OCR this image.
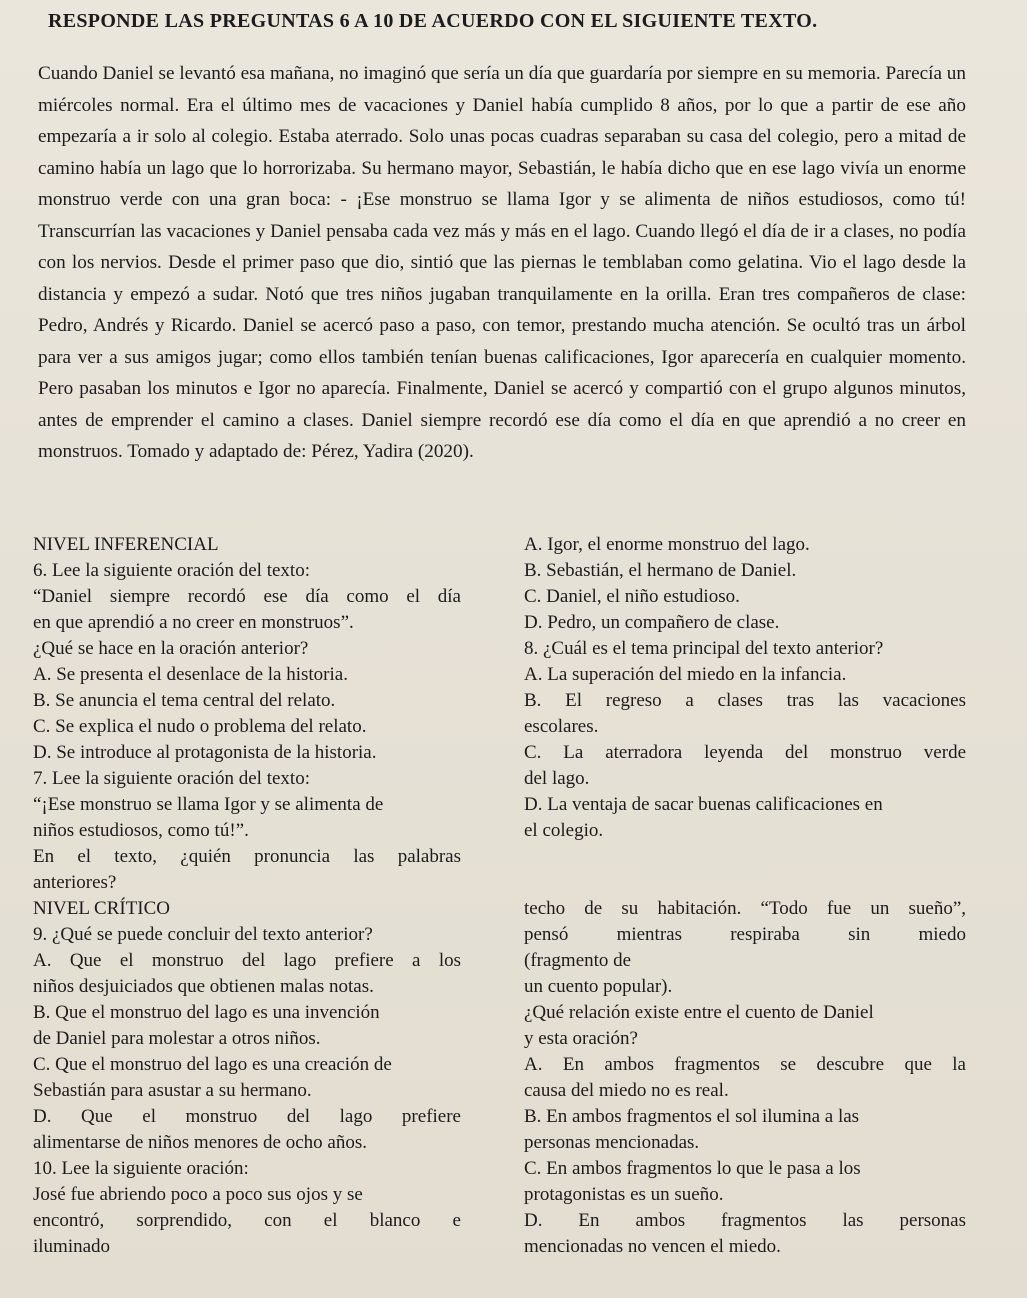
RESPONDE LAS PREGUNTAS 6 A 10 DE ACUERDO CON EL SIGUIENTE TEXTO.
Cuando Daniel se levantó esa mañana, no imaginó que sería un día que guardaría por siempre en su memoria. Parecía un miércoles normal. Era el último mes de vacaciones y Daniel había cumplido 8 años, por lo que a partir de ese año empezaría a ir solo al colegio. Estaba aterrado. Solo unas pocas cuadras separaban su casa del colegio, pero a mitad de camino había un lago que lo horrorizaba. Su hermano mayor, Sebastián, le había dicho que en ese lago vivía un enorme monstruo verde con una gran boca: - ¡Ese monstruo se llama Igor y se alimenta de niños estudiosos, como tú! Transcurrían las vacaciones y Daniel pensaba cada vez más y más en el lago. Cuando llegó el día de ir a clases, no podía con los nervios. Desde el primer paso que dio, sintió que las piernas le temblaban como gelatina. Vio el lago desde la distancia y empezó a sudar. Notó que tres niños jugaban tranquilamente en la orilla. Eran tres compañeros de clase: Pedro, Andrés y Ricardo. Daniel se acercó paso a paso, con temor, prestando mucha atención. Se ocultó tras un árbol para ver a sus amigos jugar; como ellos también tenían buenas calificaciones, Igor aparecería en cualquier momento. Pero pasaban los minutos e Igor no aparecía. Finalmente, Daniel se acercó y compartió con el grupo algunos minutos, antes de emprender el camino a clases. Daniel siempre recordó ese día como el día en que aprendió a no creer en monstruos. Tomado y adaptado de: Pérez, Yadira (2020).
NIVEL INFERENCIAL
6. Lee la siguiente oración del texto:
“Daniel siempre recordó ese día como el día
en que aprendió a no creer en monstruos”.
¿Qué se hace en la oración anterior?
A. Se presenta el desenlace de la historia.
B. Se anuncia el tema central del relato.
C. Se explica el nudo o problema del relato.
D. Se introduce al protagonista de la historia.
7. Lee la siguiente oración del texto:
“¡Ese monstruo se llama Igor y se alimenta de
niños estudiosos, como tú!”.
En el texto, ¿quién pronuncia las palabras
anteriores?
NIVEL CRÍTICO
9. ¿Qué se puede concluir del texto anterior?
A. Que el monstruo del lago prefiere a los
niños desjuiciados que obtienen malas notas.
B. Que el monstruo del lago es una invención
de Daniel para molestar a otros niños.
C. Que el monstruo del lago es una creación de
Sebastián para asustar a su hermano.
D. Que el monstruo del lago prefiere
alimentarse de niños menores de ocho años.
10. Lee la siguiente oración:
José fue abriendo poco a poco sus ojos y se
encontró, sorprendido, con el blanco e
iluminado
A. Igor, el enorme monstruo del lago.
B. Sebastián, el hermano de Daniel.
C. Daniel, el niño estudioso.
D. Pedro, un compañero de clase.
8. ¿Cuál es el tema principal del texto anterior?
A. La superación del miedo en la infancia.
B. El regreso a clases tras las vacaciones
escolares.
C. La aterradora leyenda del monstruo verde
del lago.
D. La ventaja de sacar buenas calificaciones en
el colegio.

techo de su habitación. “Todo fue un sueño”,
pensó mientras respiraba sin miedo
(fragmento de
un cuento popular).
¿Qué relación existe entre el cuento de Daniel
y esta oración?
A. En ambos fragmentos se descubre que la
causa del miedo no es real.
B. En ambos fragmentos el sol ilumina a las
personas mencionadas.
C. En ambos fragmentos lo que le pasa a los
protagonistas es un sueño.
D. En ambos fragmentos las personas
mencionadas no vencen el miedo.
